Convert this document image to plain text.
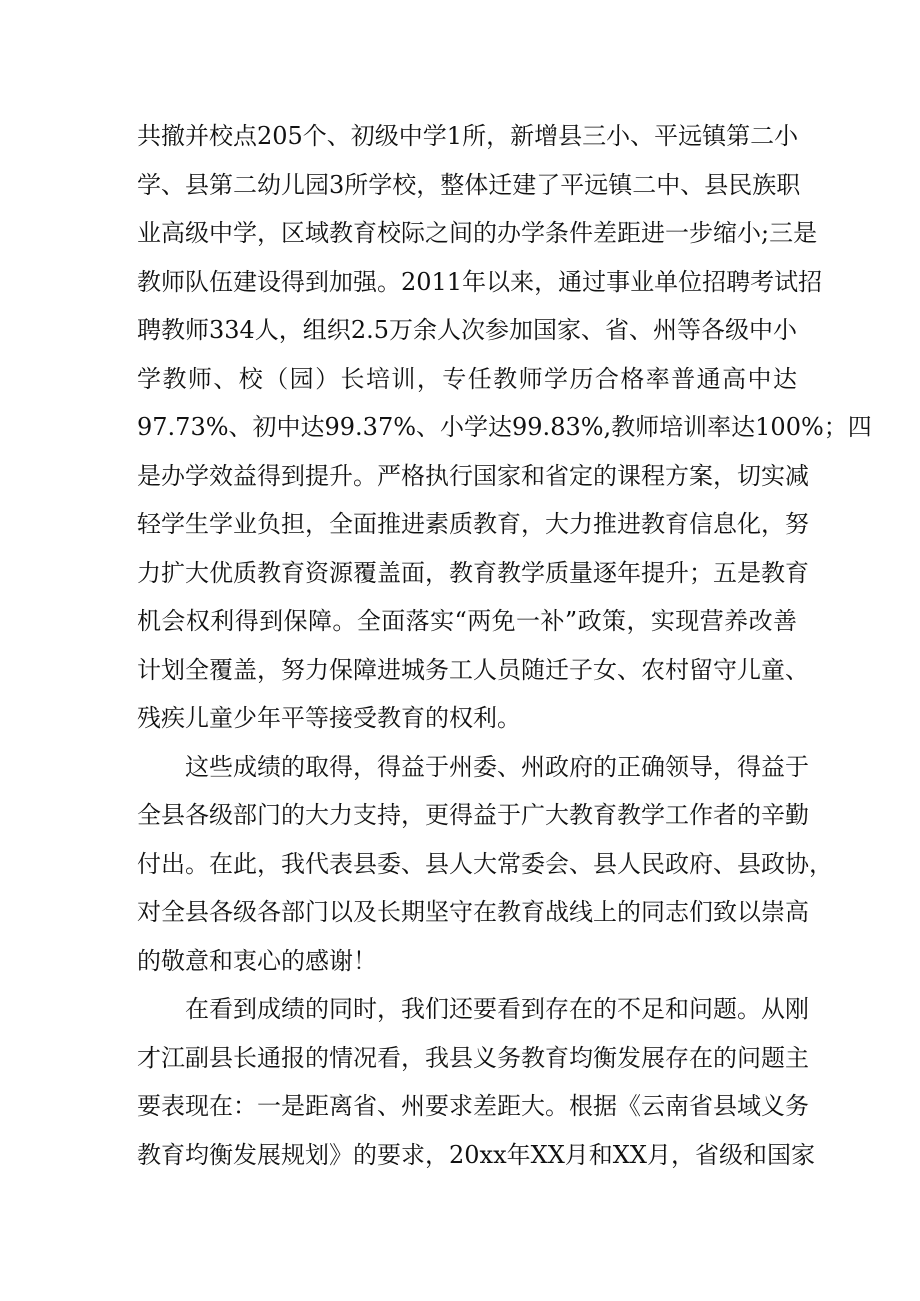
共撤并校点205个、初级中学1所，新增县三小、平远镇第二小
学、县第二幼儿园3所学校，整体迁建了平远镇二中、县民族职
业高级中学，区域教育校际之间的办学条件差距进一步缩小;三是
教师队伍建设得到加强。2011年以来，通过事业单位招聘考试招
聘教师334人，组织2.5万余人次参加国家、省、州等各级中小
学教师、校（园）长培训，专任教师学历合格率普通高中达
97.73%、初中达99.37%、小学达99.83%,教师培训率达100%；四
是办学效益得到提升。严格执行国家和省定的课程方案，切实减
轻学生学业负担，全面推进素质教育，大力推进教育信息化，努
力扩大优质教育资源覆盖面，教育教学质量逐年提升；五是教育
机会权利得到保障。全面落实“两免一补”政策，实现营养改善
计划全覆盖，努力保障进城务工人员随迁子女、农村留守儿童、
残疾儿童少年平等接受教育的权利。
这些成绩的取得，得益于州委、州政府的正确领导，得益于
全县各级部门的大力支持，更得益于广大教育教学工作者的辛勤
付出。在此，我代表县委、县人大常委会、县人民政府、县政协，
对全县各级各部门以及长期坚守在教育战线上的同志们致以崇高
的敬意和衷心的感谢！
在看到成绩的同时，我们还要看到存在的不足和问题。从刚
才江副县长通报的情况看，我县义务教育均衡发展存在的问题主
要表现在：一是距离省、州要求差距大。根据《云南省县域义务
教育均衡发展规划》的要求，20xx年XX月和XX月，省级和国家
